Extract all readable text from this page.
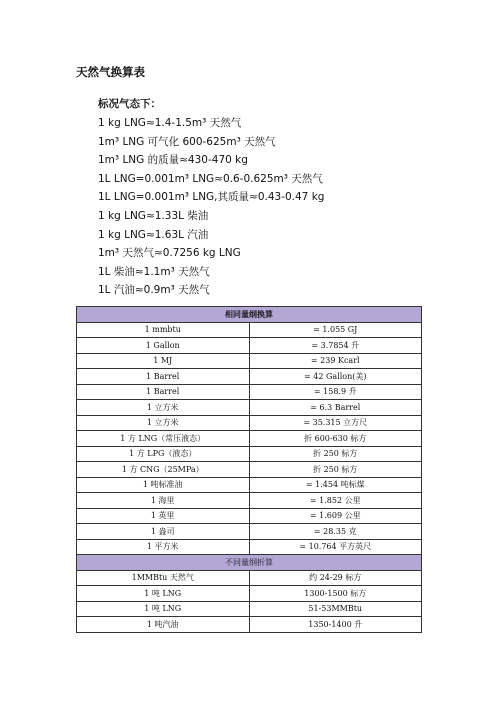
天然气换算表
标况气态下：
1 kg LNG≈1.4-1.5m³ 天然气
1m³ LNG 可气化 600-625m³ 天然气
1m³ LNG 的质量≈430-470 kg
1L LNG=0.001m³ LNG≈0.6-0.625m³ 天然气
1L LNG=0.001m³ LNG,其质量≈0.43-0.47 kg
1 kg LNG≈1.33L 柴油
1 kg LNG≈1.63L 汽油
1m³ 天然气≈0.7256 kg LNG
1L 柴油≈1.1m³ 天然气
1L 汽油≈0.9m³ 天然气
相同量纲换算	
1 mmbtu	= 1.055 GJ
1 Gallon	= 3.7854 升
1 MJ	= 239 Kcarl
1 Barrel	= 42 Gallon(美)
1 Barrel	= 158.9 升
1 立方米	= 6.3 Barrel
1 立方米	= 35.315 立方尺
1 方 LNG（常压液态）	折 600-630 标方
1 方 LPG（液态）	折 250 标方
1 方 CNG（25MPa）	折 250 标方
1 吨标准油	= 1.454 吨标煤
1 海里	= 1.852 公里
1 英里	= 1.609 公里
1 盎司	= 28.35 克
1 平方米	= 10.764 平方英尺
不同量纲折算	
1MMBtu 天然气	约 24-29 标方
1 吨 LNG	1300-1500 标方
1 吨 LNG	51-53MMBtu
1 吨汽油	1350-1400 升
